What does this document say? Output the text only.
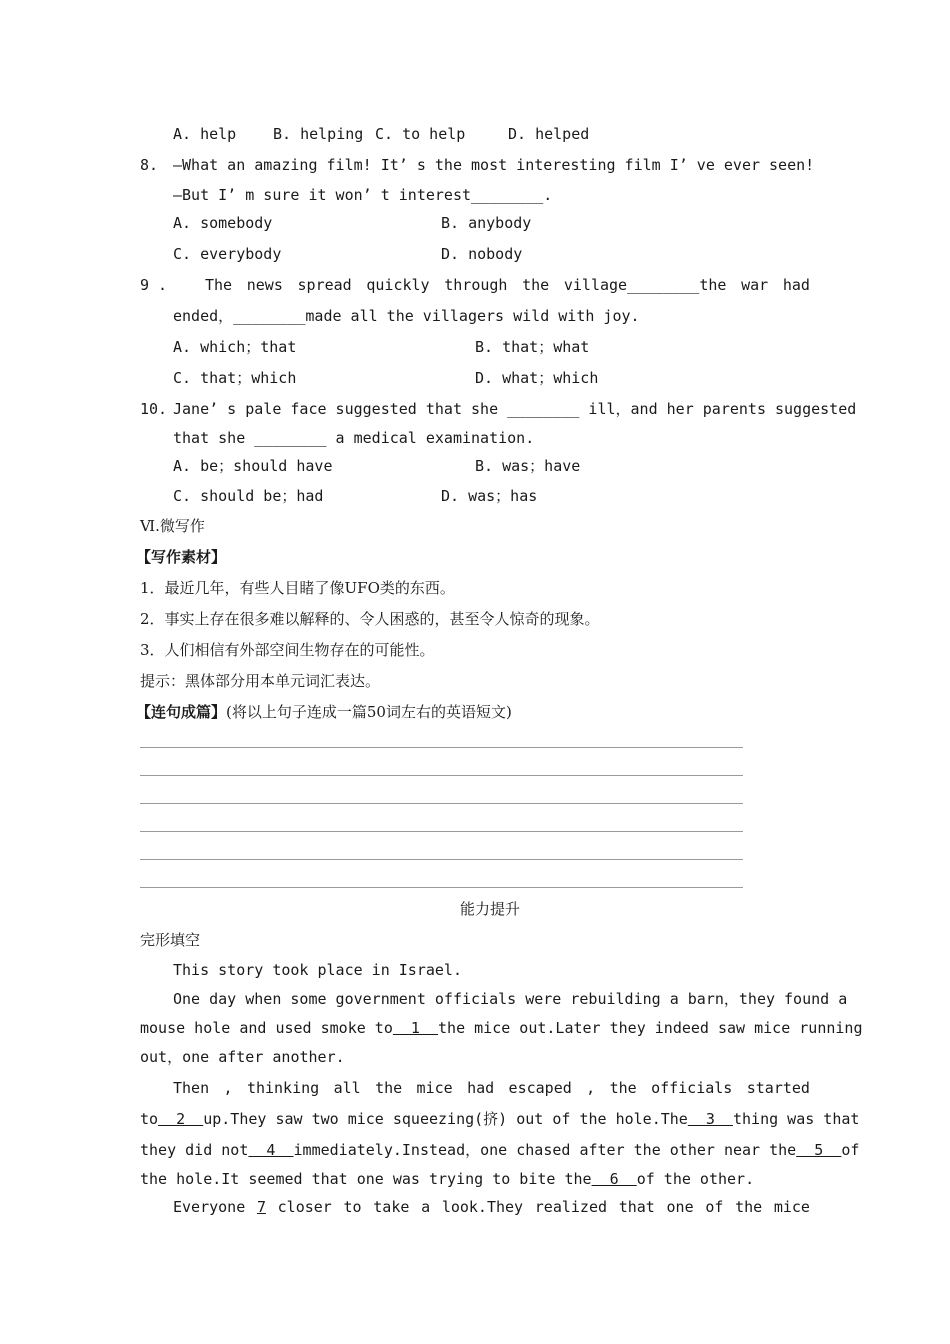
A. help B. helping C. to help	D. helped
8. —What an amazing film! It’ s the most interesting film I’ ve ever seen!
—But I’ m sure it won’ t interest________.
A. somebody	B. anybody
C. everybody	D. nobody
9 .	The news spread quickly through the village________the war had
ended，________made all the villagers wild with joy.
A. which；that	B. that；what
C. that；which	D. what；which
10. Jane’ s pale face suggested that she ________ ill，and her parents suggested
that she ________ a medical examination.
A. be；should have	B. was；have
C. should be；had	D. was；has
Ⅵ.微写作
【写作素材】
1．最近几年，有些人目睹了像UFO类的东西。
2．事实上存在很多难以解释的、令人困惑的，甚至令人惊奇的现象。
3．人们相信有外部空间生物存在的可能性。
提示：黑体部分用本单元词汇表达。
【连句成篇】(将以上句子连成一篇50词左右的英语短文)
能力提升
完形填空
This story took place in Israel.
One day when some government officials were rebuilding a barn，they found a
mouse hole and used smoke to  1  the mice out.Later they indeed saw mice running
out，one after another.
Then , thinking all the mice had escaped , the officials started
to  2  up.They saw two mice squeezing(挤) out of the hole.The  3  thing was that
they did not  4  immediately.Instead，one chased after the other near the  5  of
the hole.It seemed that one was trying to bite the  6  of the other.
Everyone 7 closer to take a look.They realized that one of the mice
